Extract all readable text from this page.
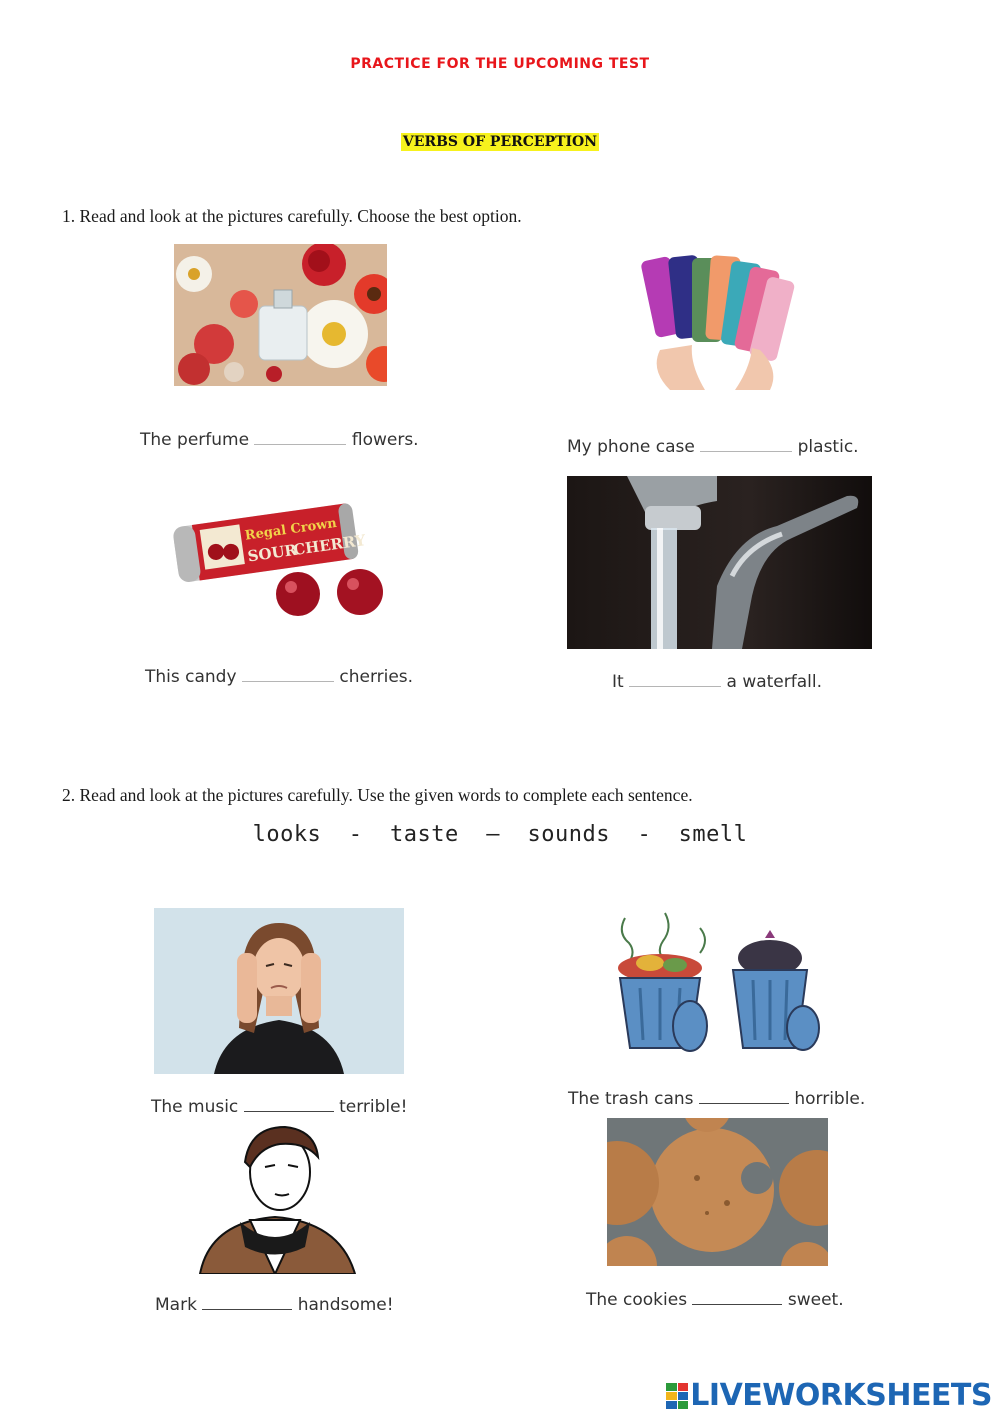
PRACTICE FOR THE UPCOMING TEST
VERBS OF PERCEPTION
1. Read and look at the pictures carefully. Choose the best option.
The perfume	flowers.	My phone case	plastic.
Regal Crown
SOUR
CHERRY
This candy	cherries.	It	a waterfall.
2. Read and look at the pictures carefully. Use the given words to complete each sentence.
looks  -  taste  –  sounds  -  smell
The music	terrible!	The trash cans	horrible.
Mark	handsome!	The cookies	sweet.
LIVEWORKSHEETS
